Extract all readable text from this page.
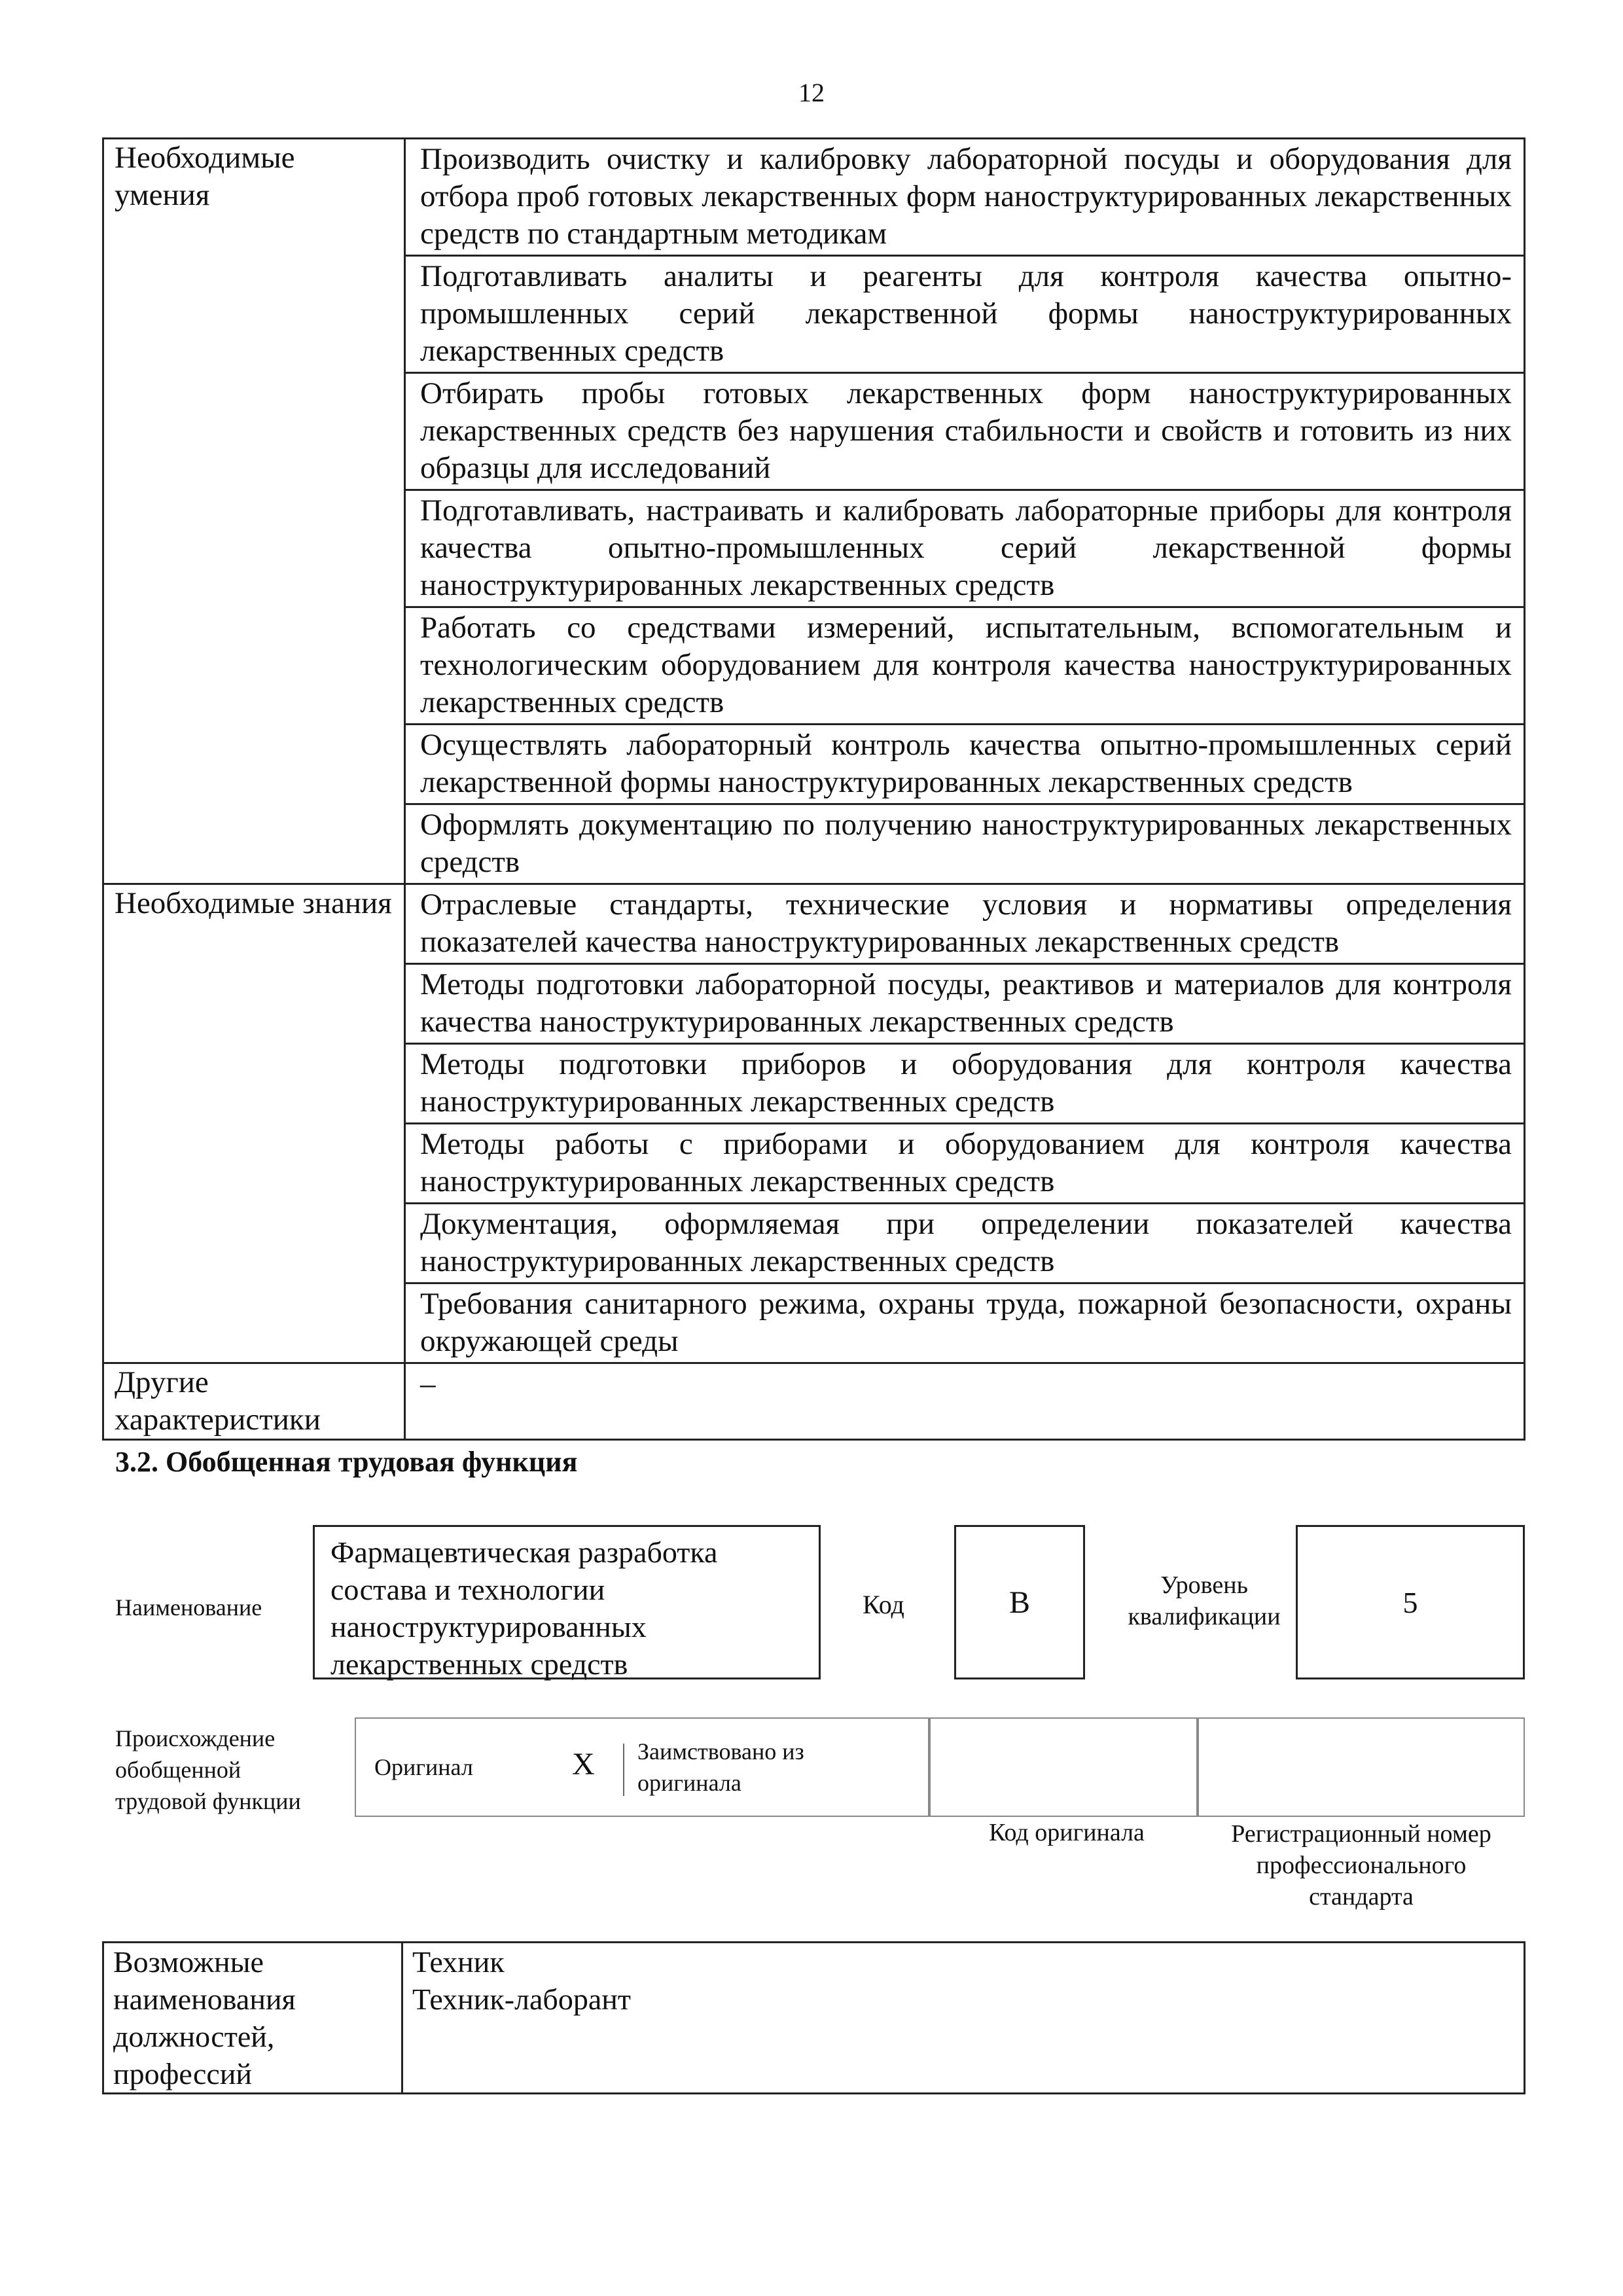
12
Необходимые умения	Производить очистку и калибровку лабораторной посуды и оборудования для отбора проб готовых лекарственных форм наноструктурированных лекарственных средств по стандартным методикам
	Подготавливать аналиты и реагенты для контроля качества опытно-промышленных серий лекарственной формы наноструктурированных лекарственных средств
	Отбирать пробы готовых лекарственных форм наноструктурированных лекарственных средств без нарушения стабильности и свойств и готовить из них образцы для исследований
	Подготавливать, настраивать и калибровать лабораторные приборы для контроля качества опытно-промышленных серий лекарственной формы наноструктурированных лекарственных средств
	Работать со средствами измерений, испытательным, вспомогательным и технологическим оборудованием для контроля качества наноструктурированных лекарственных средств
	Осуществлять лабораторный контроль качества опытно-промышленных серий лекарственной формы наноструктурированных лекарственных средств
	Оформлять документацию по получению наноструктурированных лекарственных средств
Необходимые знания	Отраслевые стандарты, технические условия и нормативы определения показателей качества наноструктурированных лекарственных средств
	Методы подготовки лабораторной посуды, реактивов и материалов для контроля качества наноструктурированных лекарственных средств
	Методы подготовки приборов и оборудования для контроля качества наноструктурированных лекарственных средств
	Методы работы с приборами и оборудованием для контроля качества наноструктурированных лекарственных средств
	Документация, оформляемая при определении показателей качества наноструктурированных лекарственных средств
	Требования санитарного режима, охраны труда, пожарной безопасности, охраны окружающей среды
Другие характеристики	–
3.2. Обобщенная трудовая функция
Наименование
Фармацевтическая разработка состава и технологии наноструктурированных лекарственных средств
Код	B	Уровень квалификации	5
Происхождение обобщенной трудовой функции
Оригинал	X Заимствовано из оригинала
Код оригинала	Регистрационный номер профессионального стандарта
Возможные наименования должностей, профессий	
Техник
Техник-лаборант
